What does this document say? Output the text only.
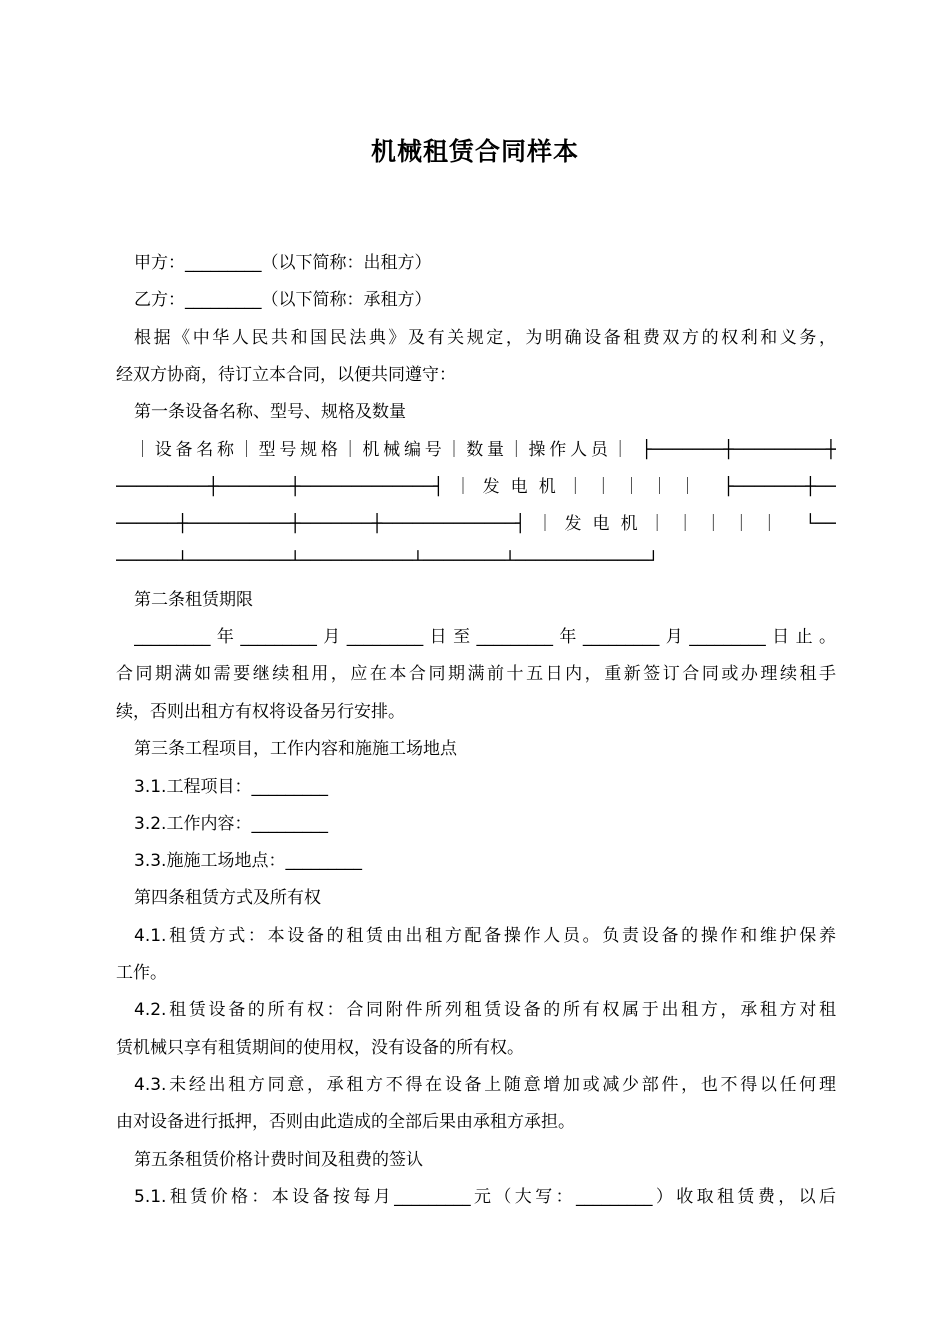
机械租赁合同样本
甲方：_________（以下简称：出租方）
乙方：_________（以下简称：承租方）
根据《中华人民共和国民法典》及有关规定，为明确设备租费双方的权利和义务，
经双方协商，待订立本合同，以便共同遵守：
第一条设备名称、型号、规格及数量
｜设备名称｜型号规格｜机械编号｜数量｜操作人员｜ ├───────┼─────────┼
─────────┼───────┼─────────────┤｜发电机｜｜｜｜｜ ├───────┼──
──────┼──────────┼───────┼─────────────┤｜发电机｜｜｜｜｜ └──
──────┴──────────┴───────────┴────────┴─────────────┘
第二条租赁期限
_________年_________月_________日至_________年_________月_________日止。
合同期满如需要继续租用，应在本合同期满前十五日内，重新签订合同或办理续租手
续，否则出租方有权将设备另行安排。
第三条工程项目，工作内容和施施工场地点
3.1.工程项目：_________
3.2.工作内容：_________
3.3.施施工场地点：_________
第四条租赁方式及所有权
4.1.租赁方式：本设备的租赁由出租方配备操作人员。负责设备的操作和维护保养
工作。
4.2.租赁设备的所有权：合同附件所列租赁设备的所有权属于出租方，承租方对租
赁机械只享有租赁期间的使用权，没有设备的所有权。
4.3.未经出租方同意，承租方不得在设备上随意增加或减少部件，也不得以任何理
由对设备进行抵押，否则由此造成的全部后果由承租方承担。
第五条租赁价格计费时间及租费的签认
5.1.租赁价格：本设备按每月_________元（大写：_________）收取租赁费，以后
